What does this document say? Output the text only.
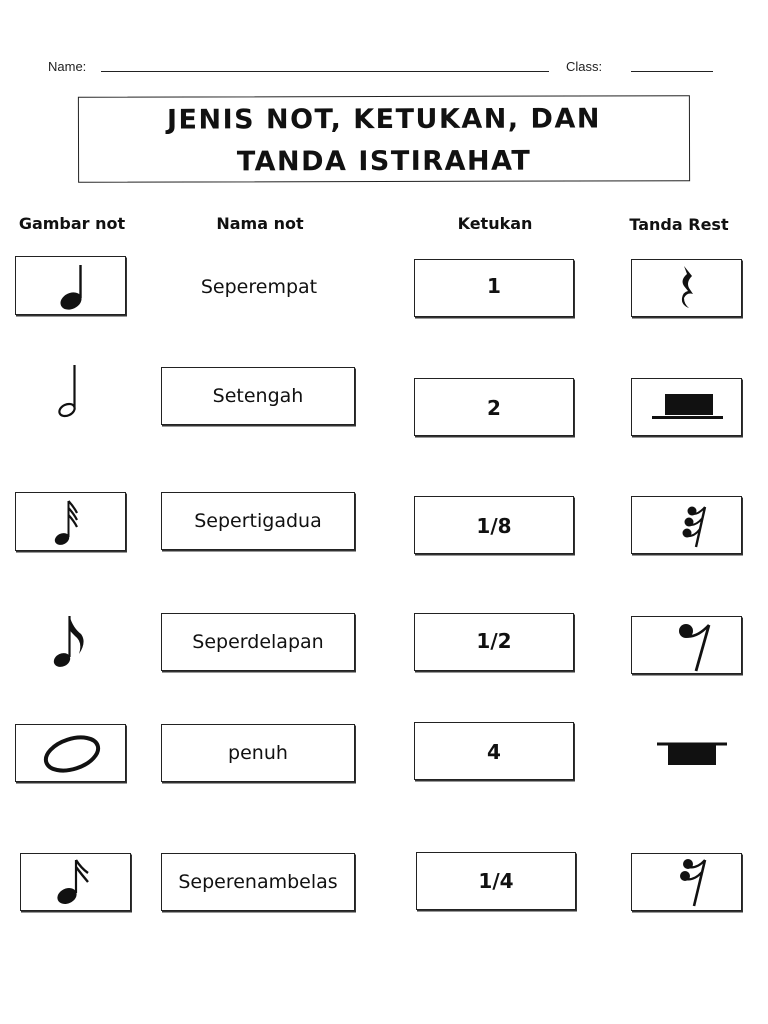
Name:	Class:
JENIS NOT, KETUKAN, DAN
TANDA ISTIRAHAT
Gambar not	Nama not	Ketukan	Tanda Rest
Seperempat	1
Setengah	2
Sepertigadua	1/8
Seperdelapan	1/2
penuh	4
Seperenambelas	1/4
